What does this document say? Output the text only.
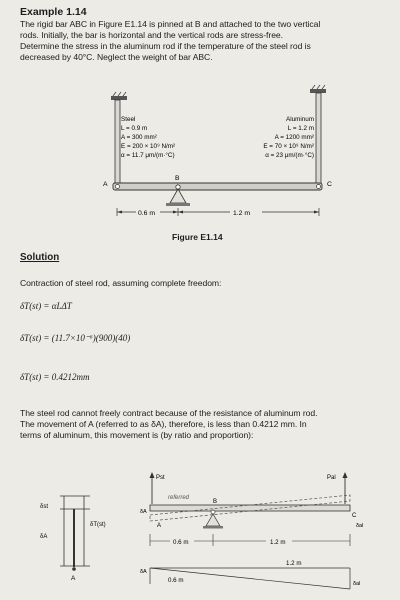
Example 1.14
The rigid bar ABC in Figure E1.14 is pinned at B and attached to the two vertical
rods. Initially, the bar is horizontal and the vertical rods are stress-free.
Determine the stress in the aluminum rod if the temperature of the steel rod is
decreased by 40°C. Neglect the weight of bar ABC.
Steel
L = 0.9 m
A = 300 mm²
E = 200 × 10⁹ N/m²
α = 11.7 μm/(m·°C)
Aluminum
L = 1.2 m
A = 1200 mm²
E = 70 × 10⁹ N/m²
α = 23 μm/(m·°C)
A
B
C
0.6 m	1.2 m
Figure E1.14
Solution
Contraction of steel rod, assuming complete freedom:
δT(st) = αLΔT
δT(st) = (11.7×10⁻⁶)(900)(40)
δT(st) = 0.4212mm
The steel rod cannot freely contract because of the resistance of aluminum rod.
The movement of A (referred to as δA), therefore, is less than 0.4212 mm. In
terms of aluminum, this movement is (by ratio and proportion):
δst
δA
δT(st)
A
Pst	Pal
referred
δA
A
B
C
δal
0.6 m	1.2 m
δA
1.2 m
0.6 m	δal
